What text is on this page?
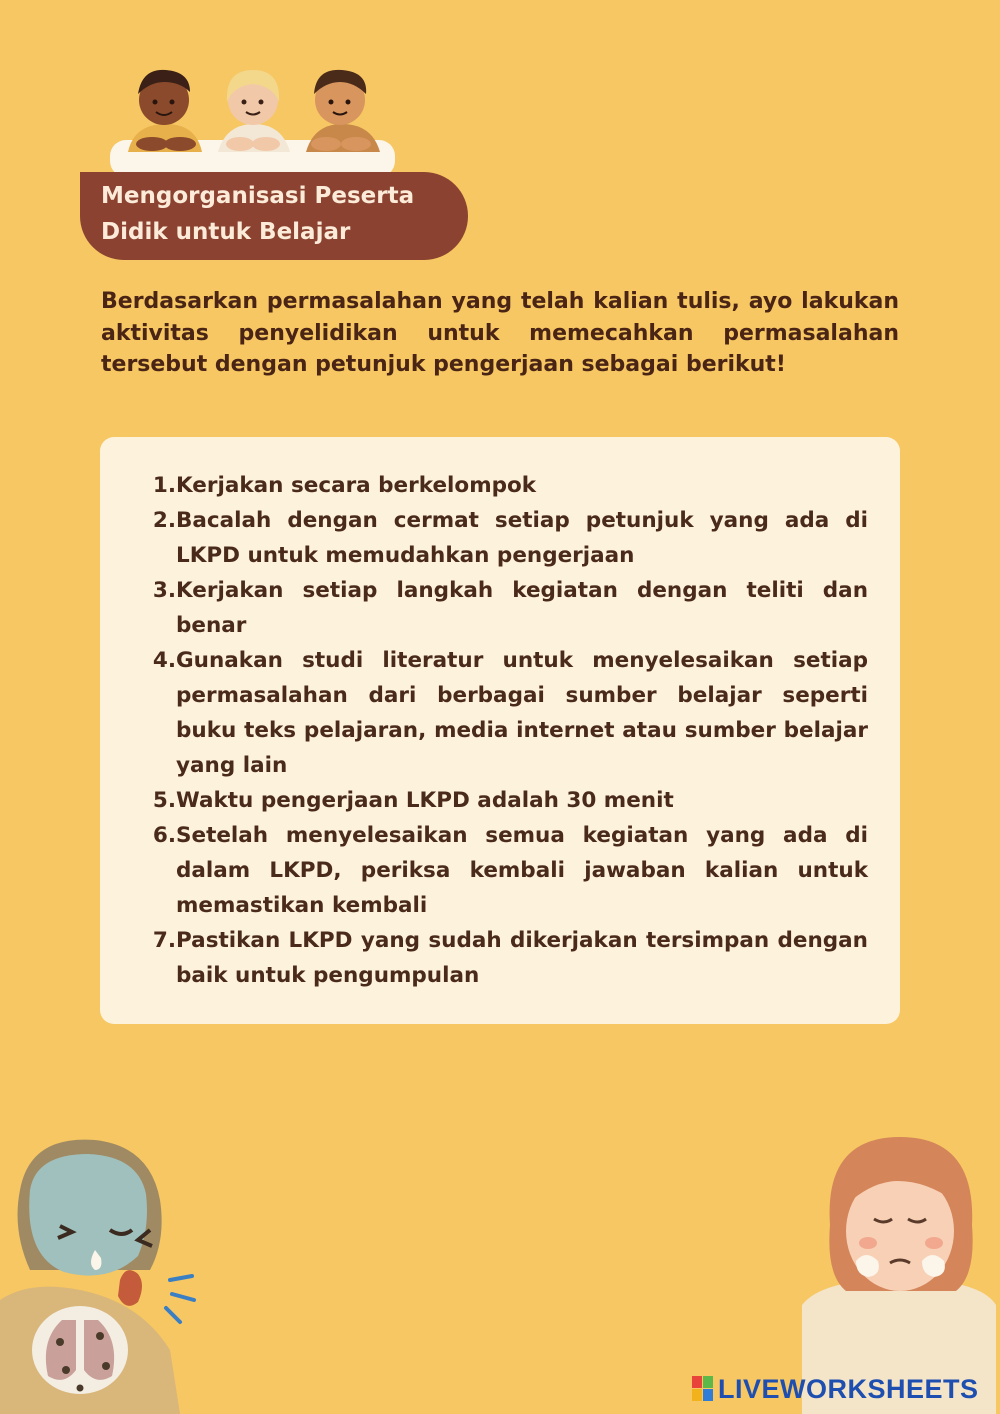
Mengorganisasi Peserta
Didik untuk Belajar

Berdasarkan permasalahan yang telah kalian tulis, ayo lakukan aktivitas penyelidikan untuk memecahkan permasalahan tersebut dengan petunjuk pengerjaan sebagai berikut!

1. Kerjakan secara berkelompok
2. Bacalah dengan cermat setiap petunjuk yang ada di LKPD untuk memudahkan pengerjaan
3. Kerjakan setiap langkah kegiatan dengan teliti dan benar
4. Gunakan studi literatur untuk menyelesaikan setiap permasalahan dari berbagai sumber belajar seperti buku teks pelajaran, media internet atau sumber belajar yang lain
5. Waktu pengerjaan LKPD adalah 30 menit
6. Setelah menyelesaikan semua kegiatan yang ada di dalam LKPD, periksa kembali jawaban kalian untuk memastikan kembali
7. Pastikan LKPD yang sudah dikerjakan tersimpan dengan baik untuk pengumpulan
LIVEWORKSHEETS
